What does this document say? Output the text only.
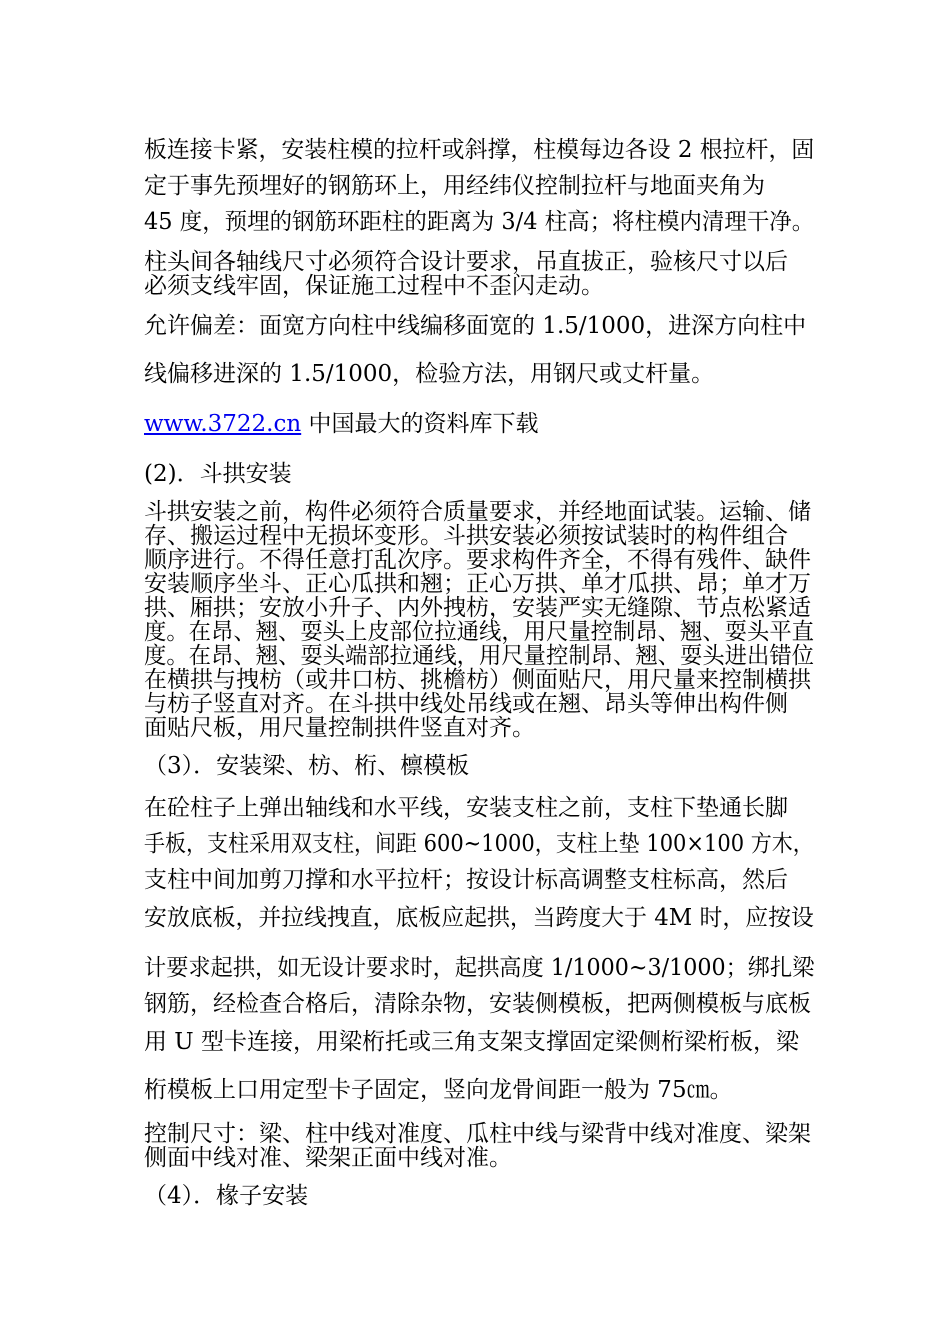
板连接卡紧，安装柱模的拉杆或斜撑，柱模每边各设 2 根拉杆，固
定于事先预埋好的钢筋环上，用经纬仪控制拉杆与地面夹角为
45 度，预埋的钢筋环距柱的距离为 3/4 柱高；将柱模内清理干净。
柱头间各轴线尺寸必须符合设计要求，吊直拔正，验核尺寸以后
必须支线牢固，保证施工过程中不歪闪走动。
允许偏差：面宽方向柱中线编移面宽的 1.5/1000，进深方向柱中
线偏移进深的 1.5/1000，检验方法，用钢尺或丈杆量。
www.3722.cn 中国最大的资料库下载
(2)．斗拱安装
斗拱安装之前，构件必须符合质量要求，并经地面试装。运输、储
存、搬运过程中无损坏变形。斗拱安装必须按试装时的构件组合
顺序进行。不得任意打乱次序。要求构件齐全，不得有残件、缺件
安装顺序坐斗、正心瓜拱和翘；正心万拱、单才瓜拱、昂；单才万
拱、厢拱；安放小升子、内外拽枋，安装严实无缝隙、节点松紧适
度。在昂、翘、耍头上皮部位拉通线，用尺量控制昂、翘、耍头平直
度。在昂、翘、耍头端部拉通线，用尺量控制昂、翘、耍头进出错位
在横拱与拽枋（或井口枋、挑檐枋）侧面贴尺，用尺量来控制横拱
与枋子竖直对齐。在斗拱中线处吊线或在翘、昂头等伸出构件侧
面贴尺板，用尺量控制拱件竖直对齐。
（3）．安装梁、枋、桁、檩模板
在砼柱子上弹出轴线和水平线，安装支柱之前，支柱下垫通长脚
手板，支柱采用双支柱，间距 600~1000，支柱上垫 100×100 方木，
支柱中间加剪刀撑和水平拉杆；按设计标高调整支柱标高，然后
安放底板，并拉线拽直，底板应起拱，当跨度大于 4M 时，应按设
计要求起拱，如无设计要求时，起拱高度 1/1000~3/1000；绑扎梁
钢筋，经检查合格后，清除杂物，安装侧模板，把两侧模板与底板
用 U 型卡连接，用梁桁托或三角支架支撑固定梁侧桁梁桁板，梁
桁模板上口用定型卡子固定，竖向龙骨间距一般为 75㎝。
控制尺寸：梁、柱中线对准度、瓜柱中线与梁背中线对准度、梁架
侧面中线对准、梁架正面中线对准。
（4）．椽子安装
